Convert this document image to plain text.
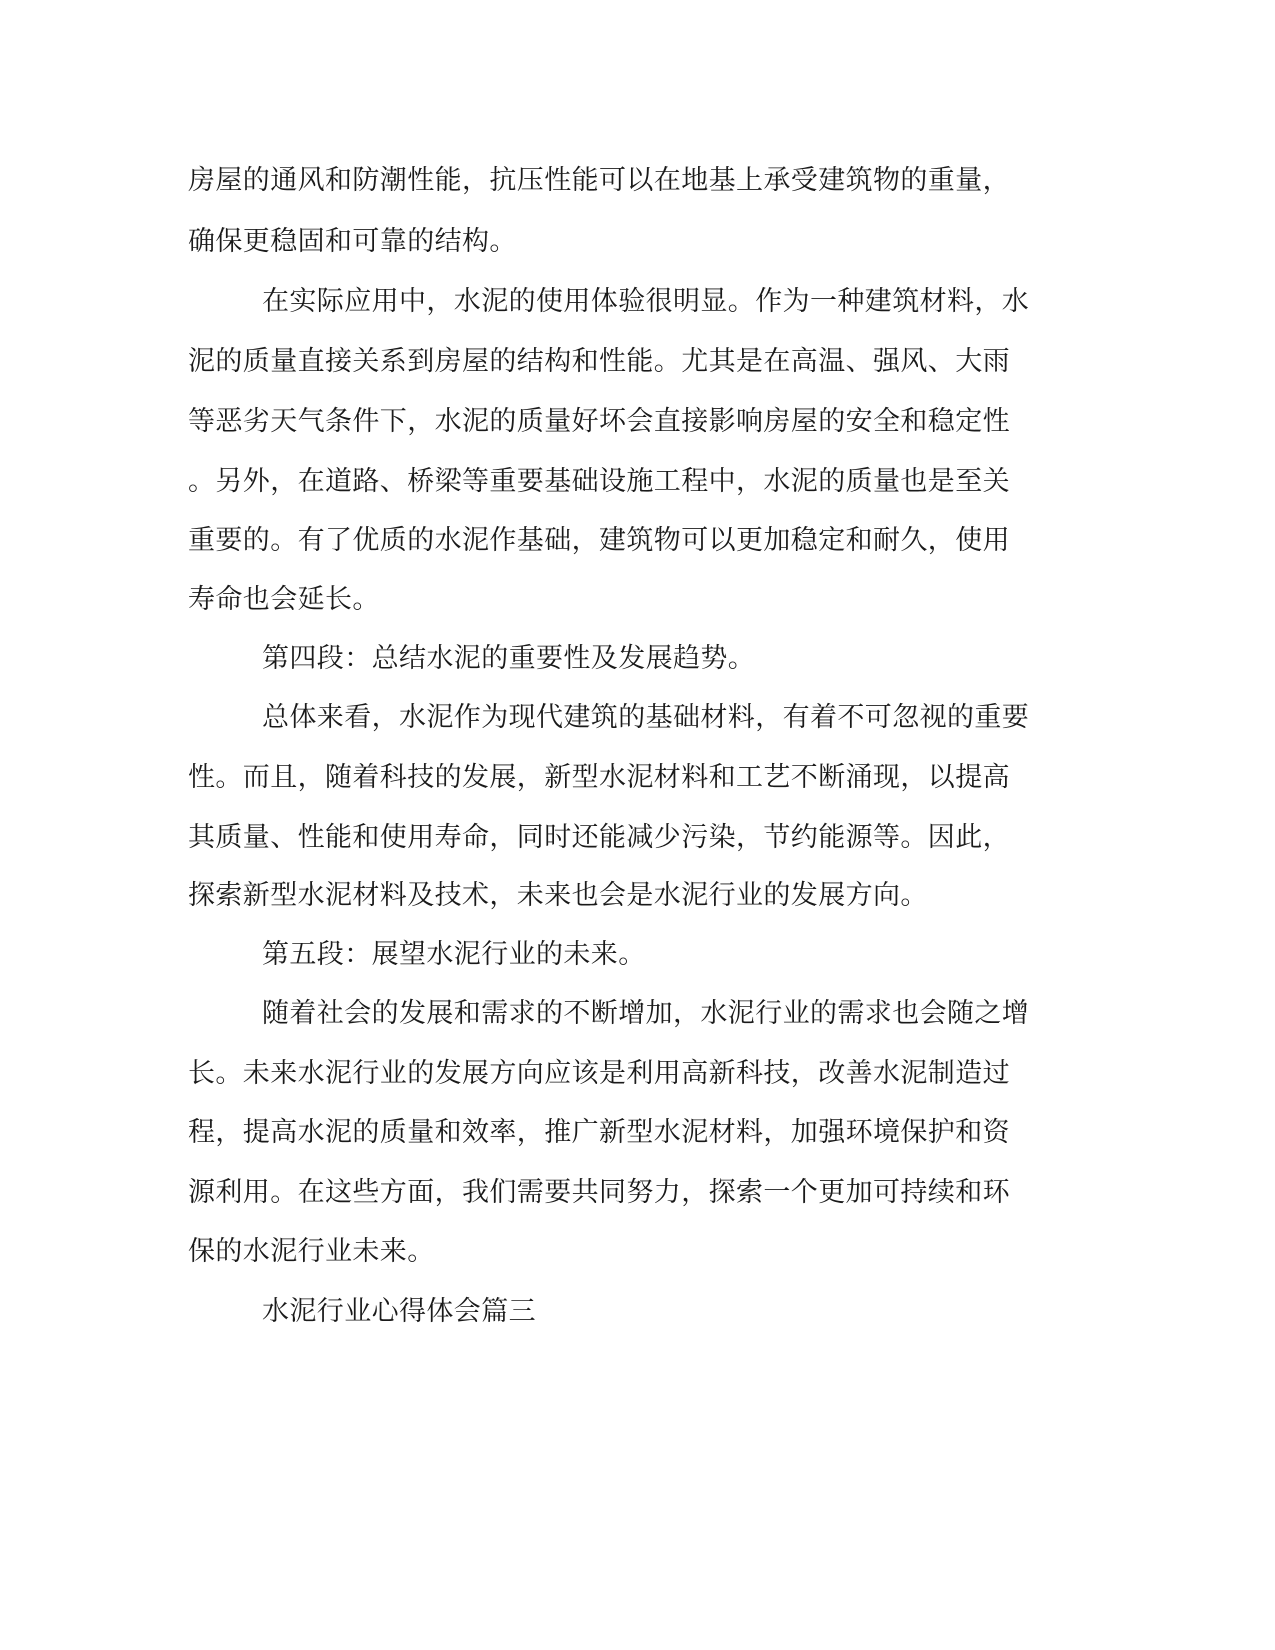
房屋的通风和防潮性能，抗压性能可以在地基上承受建筑物的重量，
确保更稳固和可靠的结构。
在实际应用中，水泥的使用体验很明显。作为一种建筑材料，水
泥的质量直接关系到房屋的结构和性能。尤其是在高温、强风、大雨
等恶劣天气条件下，水泥的质量好坏会直接影响房屋的安全和稳定性
。另外，在道路、桥梁等重要基础设施工程中，水泥的质量也是至关
重要的。有了优质的水泥作基础，建筑物可以更加稳定和耐久，使用
寿命也会延长。
第四段：总结水泥的重要性及发展趋势。
总体来看，水泥作为现代建筑的基础材料，有着不可忽视的重要
性。而且，随着科技的发展，新型水泥材料和工艺不断涌现，以提高
其质量、性能和使用寿命，同时还能减少污染，节约能源等。因此，
探索新型水泥材料及技术，未来也会是水泥行业的发展方向。
第五段：展望水泥行业的未来。
随着社会的发展和需求的不断增加，水泥行业的需求也会随之增
长。未来水泥行业的发展方向应该是利用高新科技，改善水泥制造过
程，提高水泥的质量和效率，推广新型水泥材料，加强环境保护和资
源利用。在这些方面，我们需要共同努力，探索一个更加可持续和环
保的水泥行业未来。
水泥行业心得体会篇三
